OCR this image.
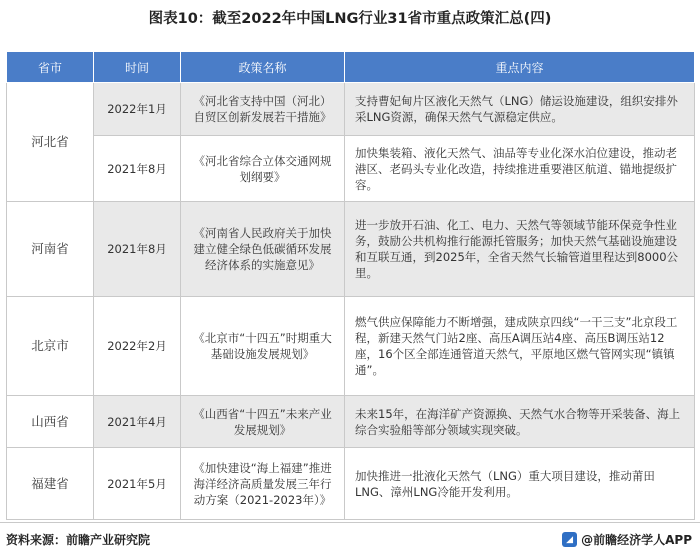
图表10：截至2022年中国LNG行业31省市重点政策汇总(四)
省市	时间	政策名称	重点内容
河北省	2022年1月	《河北省支持中国（河北）自贸区创新发展若干措施》	支持曹妃甸片区液化天然气（LNG）储运设施建设，组织安排外采LNG资源，确保天然气气源稳定供应。
	2021年8月	《河北省综合立体交通网规划纲要》	加快集装箱、液化天然气、油品等专业化深水泊位建设，推动老港区、老码头专业化改造，持续推进重要港区航道、锚地提级扩容。
河南省	2021年8月	《河南省人民政府关于加快建立健全绿色低碳循环发展经济体系的实施意见》	进一步放开石油、化工、电力、天然气等领域节能环保竞争性业务，鼓励公共机构推行能源托管服务；加快天然气基础设施建设和互联互通，到2025年，全省天然气长输管道里程达到8000公里。
北京市	2022年2月	《北京市“十四五”时期重大基础设施发展规划》	燃气供应保障能力不断增强，建成陕京四线“一干三支”北京段工程，新建天然气门站2座、高压A调压站4座、高压B调压站12座，16个区全部连通管道天然气，平原地区燃气管网实现“镇镇通”。
山西省	2021年4月	《山西省“十四五”未来产业发展规划》	未来15年，在海洋矿产资源换、天然气水合物等开采装备、海上综合实验船等部分领域实现突破。
福建省	2021年5月	《加快建设“海上福建”推进海洋经济高质量发展三年行动方案（2021-2023年）》	加快推进一批液化天然气（LNG）重大项目建设，推动莆田LNG、漳州LNG冷能开发利用。
资料来源：前瞻产业研究院	◢ @前瞻经济学人APP
